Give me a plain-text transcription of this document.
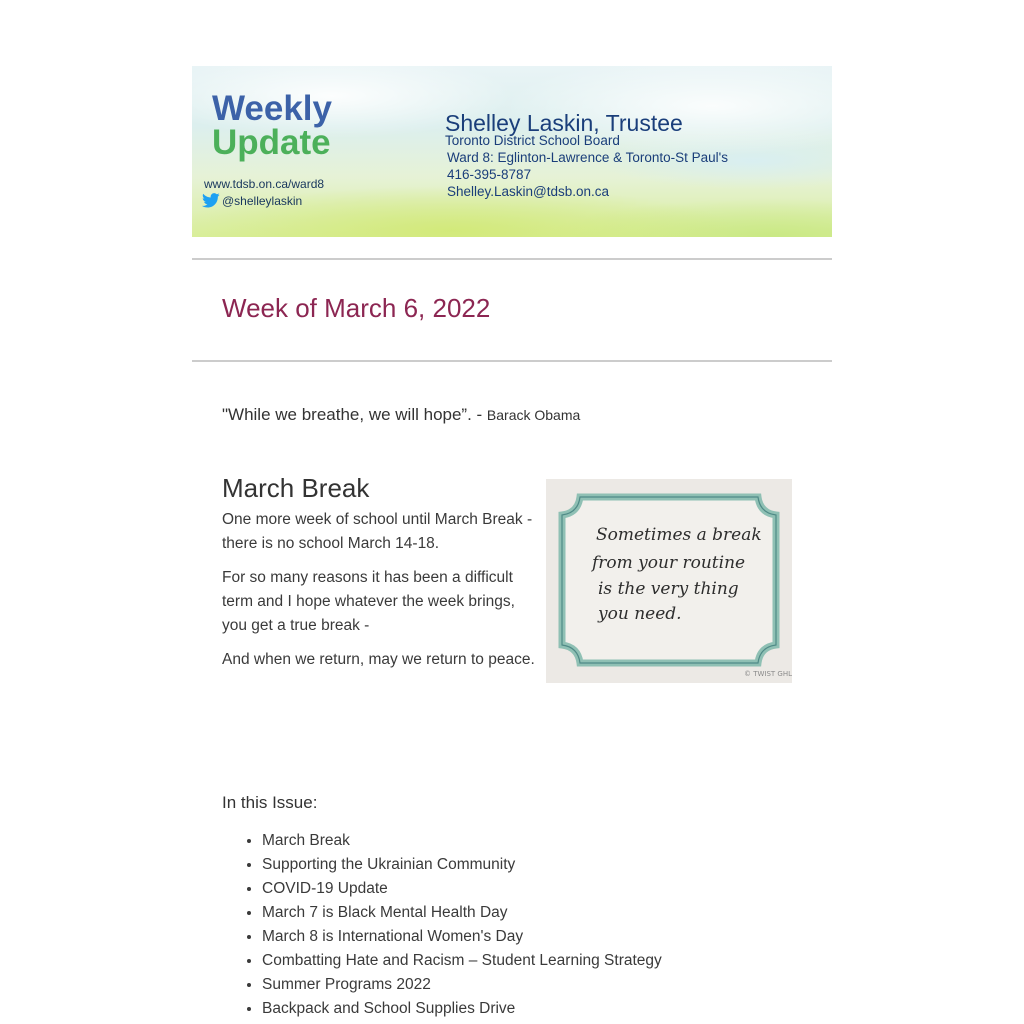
Weekly
Update
www.tdsb.on.ca/ward8
@shelleylaskin
Shelley Laskin, Trustee
Toronto District School Board
Ward 8: Eglinton-Lawrence & Toronto-St Paul's
416-395-8787
Shelley.Laskin@tdsb.on.ca
Week of March 6, 2022
"While we breathe, we will hope”. - Barack Obama
March Break

One more week of school until March Break - there is no school March 14-18.

For so many reasons it has been a difficult term and I hope whatever the week brings, you get a true break -

And when we return, may we return to peace.

Sometimes a break
from your routine
is the very thing
you need.
© TWIST GHL
In this Issue:
• March Break
• Supporting the Ukrainian Community
• COVID-19 Update
• March 7 is Black Mental Health Day
• March 8 is International Women's Day
• Combatting Hate and Racism – Student Learning Strategy
• Summer Programs 2022
• Backpack and School Supplies Drive
